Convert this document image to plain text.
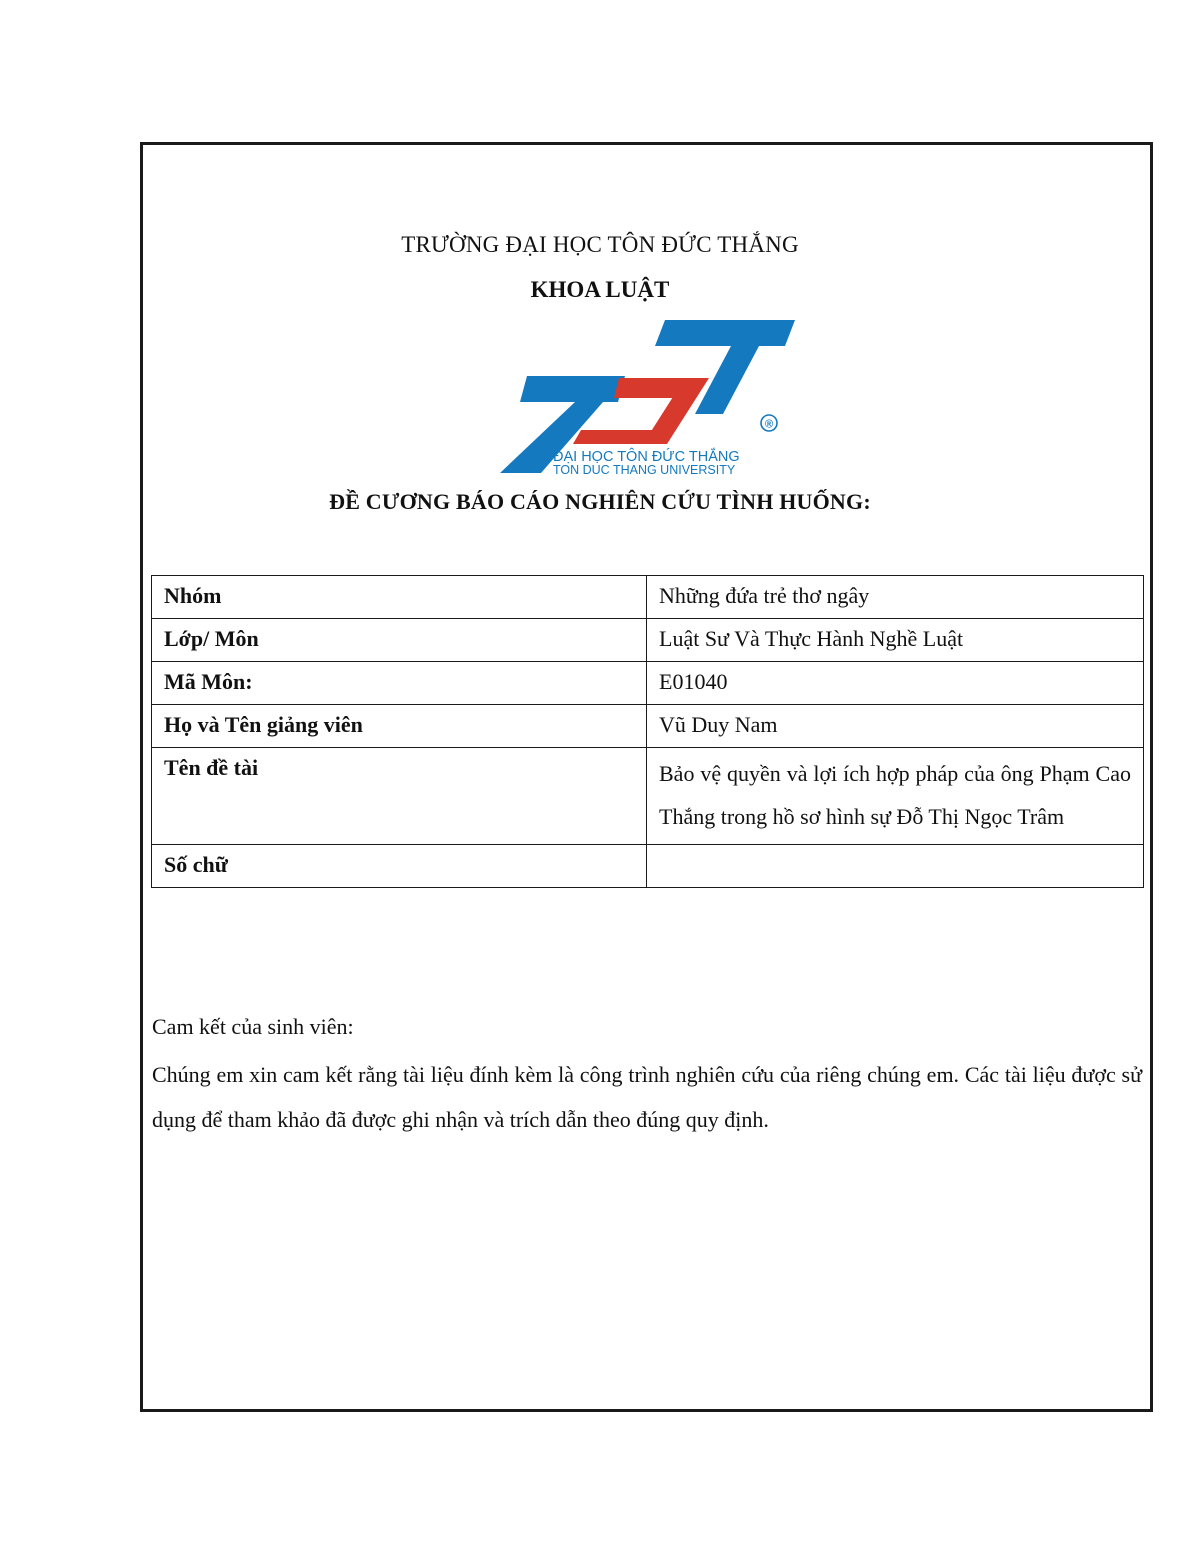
TRƯỜNG ĐẠI HỌC TÔN ĐỨC THẮNG
KHOA LUẬT
®
ĐẠI HỌC TÔN ĐỨC THẮNG
TON DUC THANG UNIVERSITY
ĐỀ CƯƠNG BÁO CÁO NGHIÊN CỨU TÌNH HUỐNG:
Nhóm	Những đứa trẻ thơ ngây
Lớp/ Môn	Luật Sư Và Thực Hành Nghề Luật
Mã Môn:	E01040
Họ và Tên giảng viên	Vũ Duy Nam
Tên đề tài	Bảo vệ quyền và lợi ích hợp pháp của ông Phạm Cao Thắng trong hồ sơ hình sự Đỗ Thị Ngọc Trâm
Số chữ	
Cam kết của sinh viên:
Chúng em xin cam kết rằng tài liệu đính kèm là công trình nghiên cứu của riêng chúng em. Các tài liệu được sử dụng để tham khảo đã được ghi nhận và trích dẫn theo đúng quy định.
